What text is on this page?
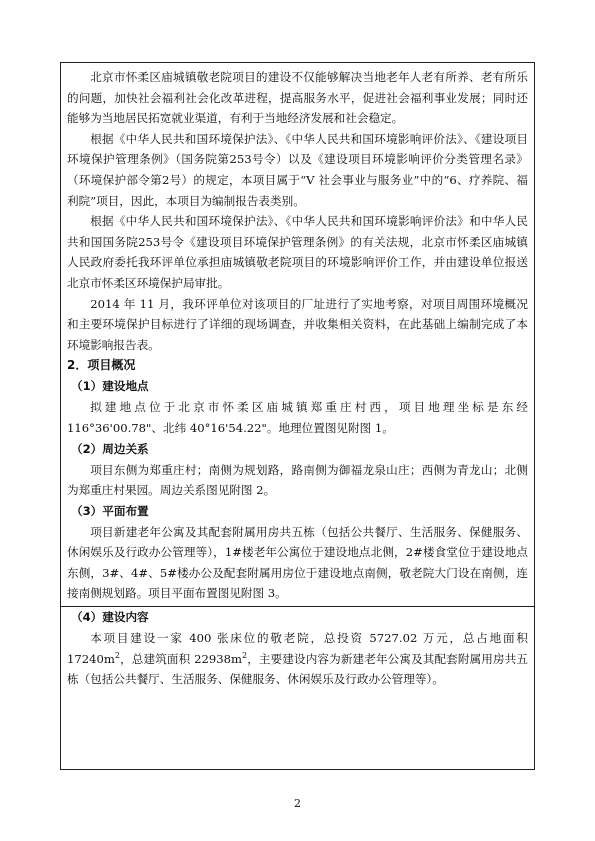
北京市怀柔区庙城镇敬老院项目的建设不仅能够解决当地老年人老有所养、老有所乐的问题，加快社会福利社会化改革进程，提高服务水平，促进社会福利事业发展；同时还能够为当地居民拓宽就业渠道，有利于当地经济发展和社会稳定。

根据《中华人民共和国环境保护法》、《中华人民共和国环境影响评价法》、《建设项目环境保护管理条例》（国务院第253号令）以及《建设项目环境影响评价分类管理名录》（环境保护部令第2号）的规定，本项目属于“V 社会事业与服务业”中的“6、疗养院、福利院”项目，因此，本项目为编制报告表类别。

根据《中华人民共和国环境保护法》、《中华人民共和国环境影响评价法》和中华人民共和国国务院253号令《建设项目环境保护管理条例》的有关法规，北京市怀柔区庙城镇人民政府委托我环评单位承担庙城镇敬老院项目的环境影响评价工作，并由建设单位报送北京市怀柔区环境保护局审批。

2014 年 11 月，我环评单位对该项目的厂址进行了实地考察，对项目周围环境概况和主要环境保护目标进行了详细的现场调查，并收集相关资料，在此基础上编制完成了本环境影响报告表。

2．项目概况
（1）建设地点

拟建地点位于北京市怀柔区庙城镇郑重庄村西，项目地理坐标是东经 116°36'00.78"、北纬 40°16'54.22"。地理位置图见附图 1。

（2）周边关系

项目东侧为郑重庄村；南侧为规划路，路南侧为御福龙泉山庄；西侧为青龙山；北侧为郑重庄村果园。周边关系图见附图 2。

（3）平面布置

项目新建老年公寓及其配套附属用房共五栋（包括公共餐厅、生活服务、保健服务、休闲娱乐及行政办公管理等），1#楼老年公寓位于建设地点北侧，2#楼食堂位于建设地点东侧，3#、4#、5#楼办公及配套附属用房位于建设地点南侧，敬老院大门设在南侧，连接南侧规划路。项目平面布置图见附图 3。

（4）建设内容

本项目建设一家 400 张床位的敬老院，总投资 5727.02 万元，总占地面积 $17240m^2$，总建筑面积 $22938m^2$，主要建设内容为新建老年公寓及其配套附属用房共五栋（包括公共餐厅、生活服务、保健服务、休闲娱乐及行政办公管理等）。

2
